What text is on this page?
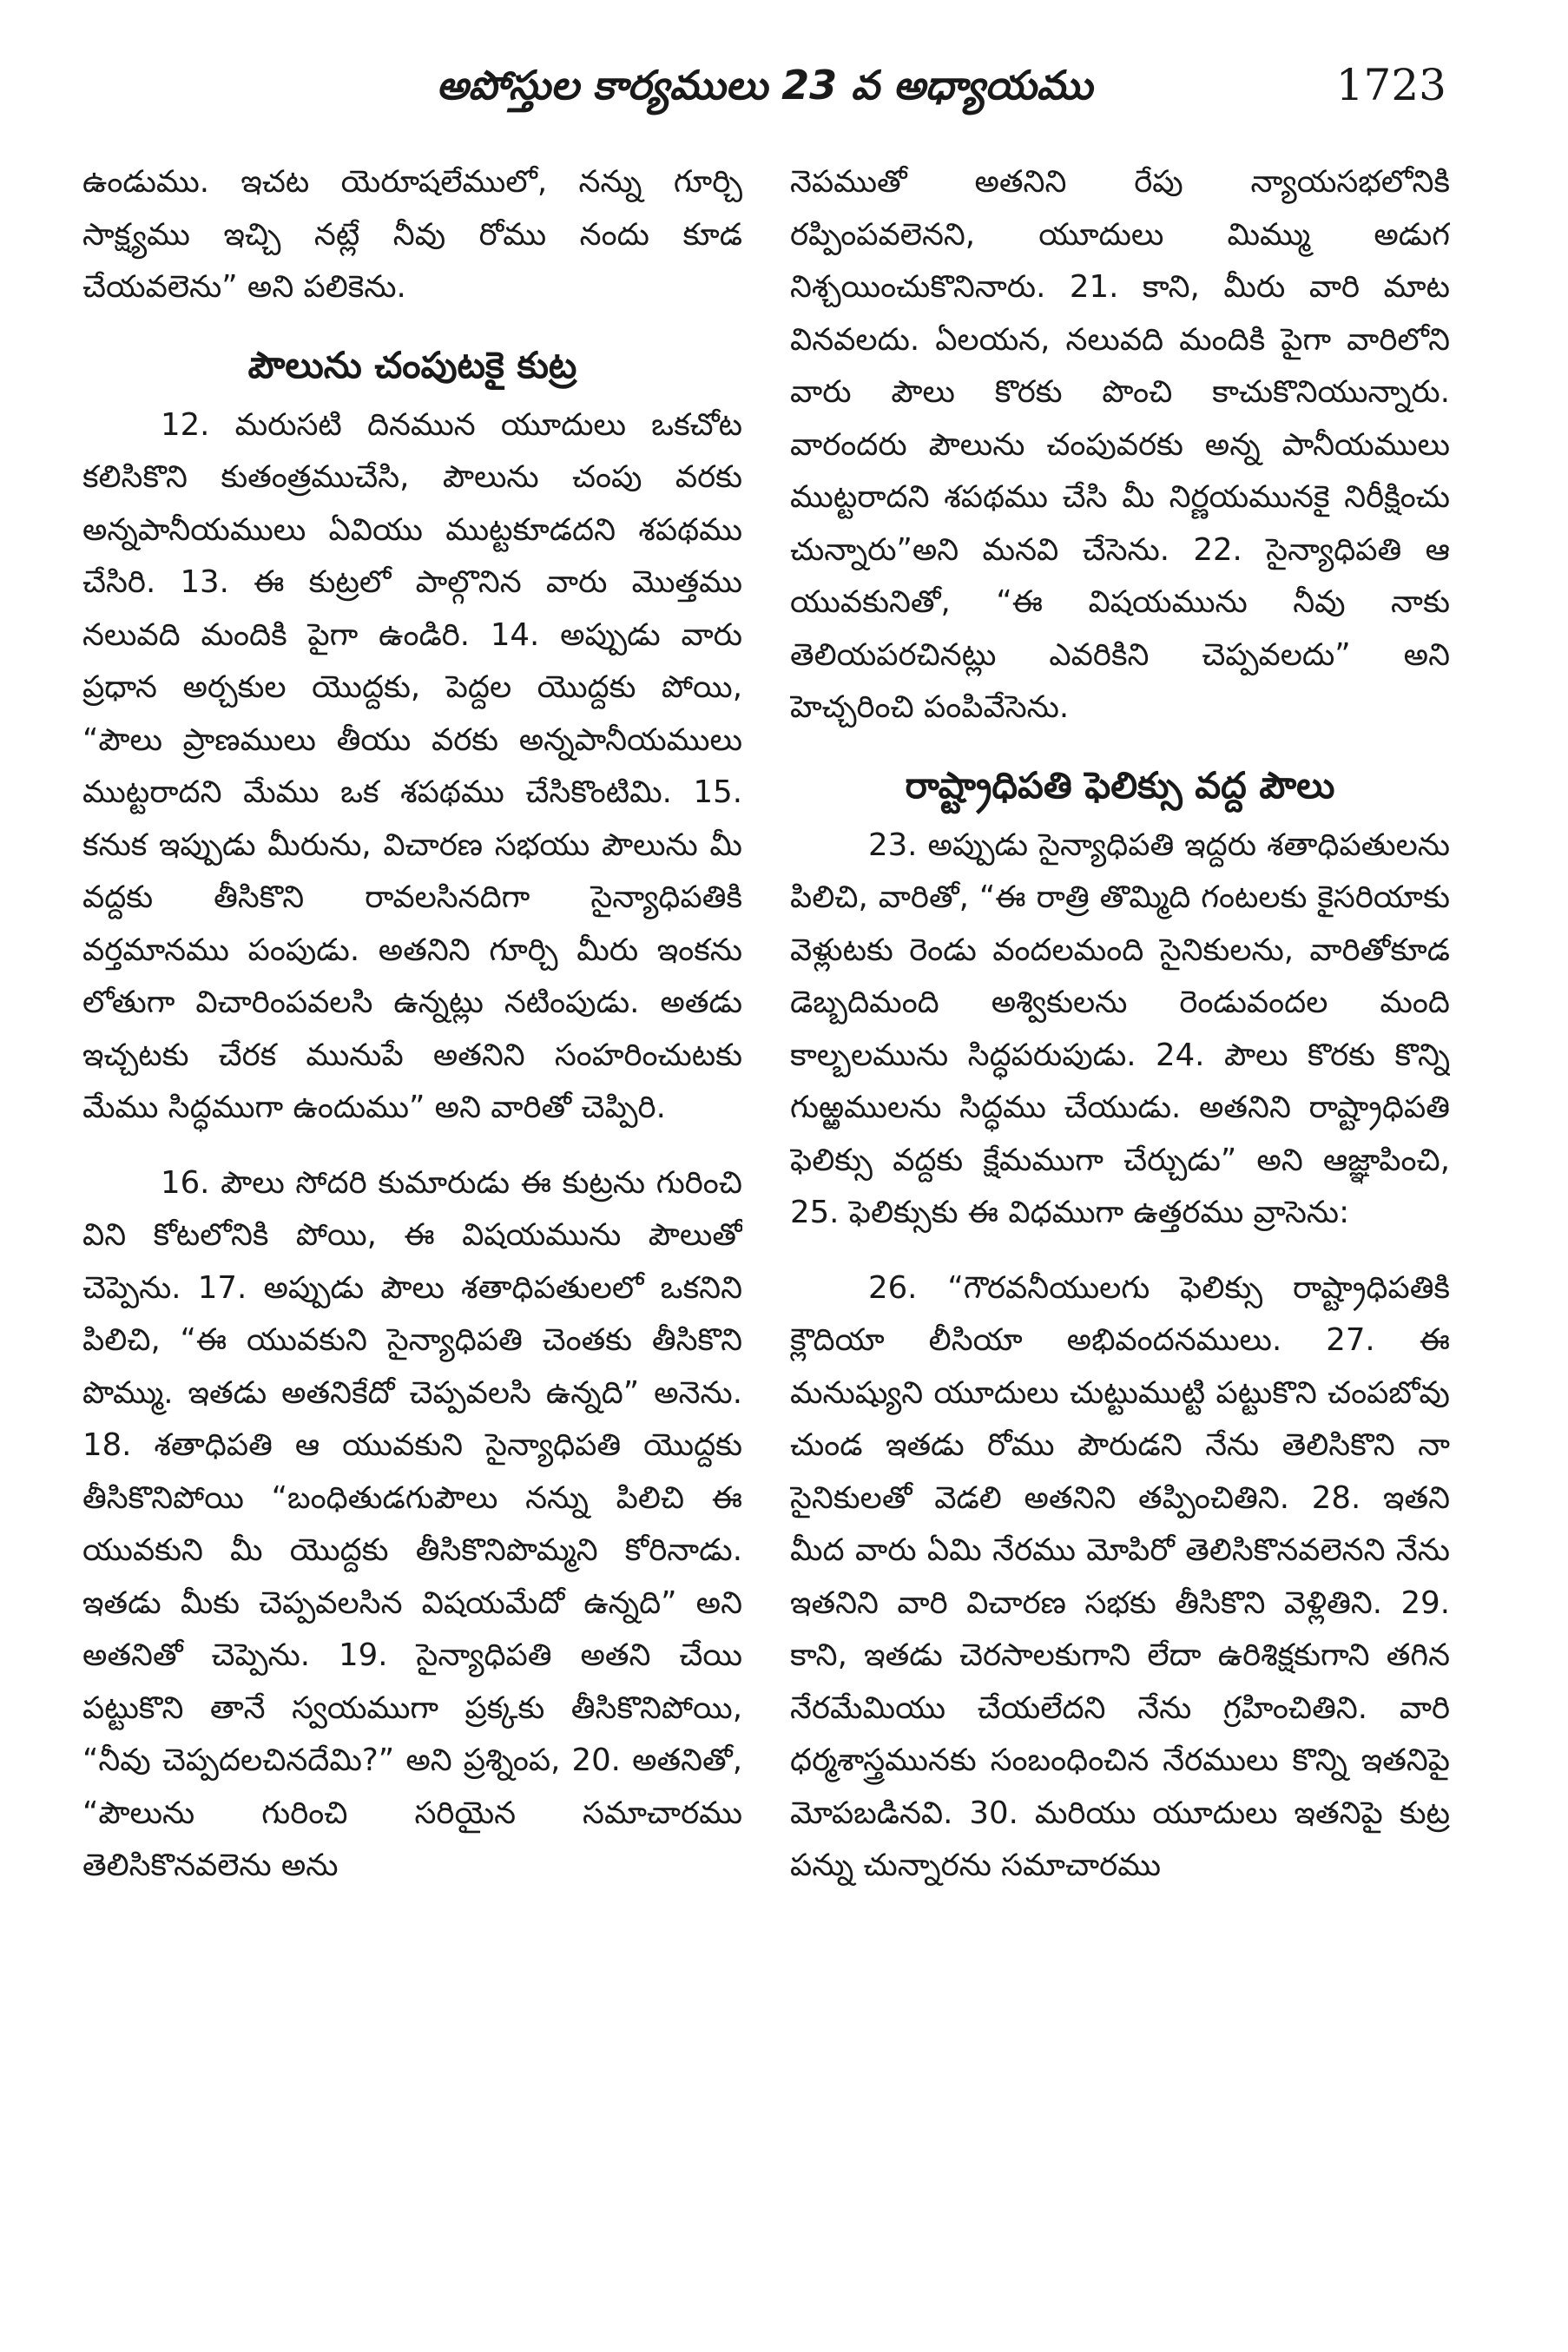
అపోస్తుల కార్యములు 23 వ అధ్యాయము	1723

ఉండుము. ఇచట యెరూషలేములో, నన్ను గూర్చి సాక్ష్యము ఇచ్చి నట్లే నీవు రోము నందు కూడ చేయవలెను” అని పలికెను.

పౌలును చంపుటకై కుట్ర

12. మరుసటి దినమున యూదులు ఒకచోట కలిసికొని కుతంత్రముచేసి, పౌలును చంపు వరకు అన్నపానీయములు ఏవియు ముట్టకూడదని శపథము చేసిరి. 13. ఈ కుట్రలో పాల్గొనిన వారు మొత్తము నలువది మందికి పైగా ఉండిరి. 14. అప్పుడు వారు ప్రధాన అర్చకుల యొద్దకు, పెద్దల యొద్దకు పోయి, “పౌలు ప్రాణములు తీయు వరకు అన్నపానీయములు ముట్టరాదని మేము ఒక శపథము చేసికొంటిమి. 15. కనుక ఇప్పుడు మీరును, విచారణ సభయు పౌలును మీ వద్దకు తీసికొని రావలసినదిగా సైన్యాధిపతికి వర్తమానము పంపుడు. అతనిని గూర్చి మీరు ఇంకను లోతుగా విచారింపవలసి ఉన్నట్లు నటింపుడు. అతడు ఇచ్చటకు చేరక మునుపే అతనిని సంహరించుటకు మేము సిద్ధముగా ఉందుము” అని వారితో చెప్పిరి.

16. పౌలు సోదరి కుమారుడు ఈ కుట్రను గురించి విని కోటలోనికి పోయి, ఈ విషయమును పౌలుతో చెప్పెను. 17. అప్పుడు పౌలు శతాధిపతులలో ఒకనిని పిలిచి, “ఈ యువకుని సైన్యాధిపతి చెంతకు తీసికొని పొమ్ము. ఇతడు అతనికేదో చెప్పవలసి ఉన్నది” అనెను. 18. శతాధిపతి ఆ యువకుని సైన్యాధిపతి యొద్దకు తీసికొనిపోయి “బంధితుడగుపౌలు నన్ను పిలిచి ఈ యువకుని మీ యొద్దకు తీసికొనిపొమ్మని కోరినాడు. ఇతడు మీకు చెప్పవలసిన విషయమేదో ఉన్నది” అని అతనితో చెప్పెను. 19. సైన్యాధిపతి అతని చేయి పట్టుకొని తానే స్వయముగా ప్రక్కకు తీసికొనిపోయి, “నీవు చెప్పదలచినదేమి?” అని ప్రశ్నింప, 20. అతనితో, “పౌలును గురించి సరియైన సమాచారము తెలిసికొనవలెను అను

నెపముతో అతనిని రేపు న్యాయసభలోనికి రప్పింపవలెనని, యూదులు మిమ్ము అడుగ నిశ్చయించుకొనినారు. 21. కాని, మీరు వారి మాట వినవలదు. ఏలయన, నలువది మందికి పైగా వారిలోని వారు పౌలు కొరకు పొంచి కాచుకొనియున్నారు. వారందరు పౌలును చంపువరకు అన్న పానీయములు ముట్టరాదని శపథము చేసి మీ నిర్ణయమునకై నిరీక్షించు చున్నారు”అని మనవి చేసెను. 22. సైన్యాధిపతి ఆ యువకునితో, “ఈ విషయమును నీవు నాకు తెలియపరచినట్లు ఎవరికిని చెప్పవలదు” అని హెచ్చరించి పంపివేసెను.

రాష్ట్రాధిపతి ఫెలిక్సు వద్ద పౌలు

23. అప్పుడు సైన్యాధిపతి ఇద్దరు శతాధిపతులను పిలిచి, వారితో, “ఈ రాత్రి తొమ్మిది గంటలకు కైసరియాకు వెళ్లుటకు రెండు వందలమంది సైనికులను, వారితోకూడ డెబ్బదిమంది అశ్వికులను రెండువందల మంది కాల్బలమును సిద్ధపరుపుడు. 24. పౌలు కొరకు కొన్ని గుఱ్ఱములను సిద్ధము చేయుడు. అతనిని రాష్ట్రాధిపతి ఫెలిక్సు వద్దకు క్షేమముగా చేర్చుడు” అని ఆజ్ఞాపించి, 25. ఫెలిక్సుకు ఈ విధముగా ఉత్తరము వ్రాసెను:

26. “గౌరవనీయులగు ఫెలిక్సు రాష్ట్రాధిపతికి క్లౌదియా లీసియా అభివందనములు. 27. ఈ మనుష్యుని యూదులు చుట్టుముట్టి పట్టుకొని చంపబోవు చుండ ఇతడు రోము పౌరుడని నేను తెలిసికొని నా సైనికులతో వెడలి అతనిని తప్పించితిని. 28. ఇతని మీద వారు ఏమి నేరము మోపిరో తెలిసికొనవలెనని నేను ఇతనిని వారి విచారణ సభకు తీసికొని వెళ్లితిని. 29. కాని, ఇతడు చెరసాలకుగాని లేదా ఉరిశిక్షకుగాని తగిన నేరమేమియు చేయలేదని నేను గ్రహించితిని. వారి ధర్మశాస్త్రమునకు సంబంధించిన నేరములు కొన్ని ఇతనిపై మోపబడినవి. 30. మరియు యూదులు ఇతనిపై కుట్ర పన్ను చున్నారను సమాచారము
